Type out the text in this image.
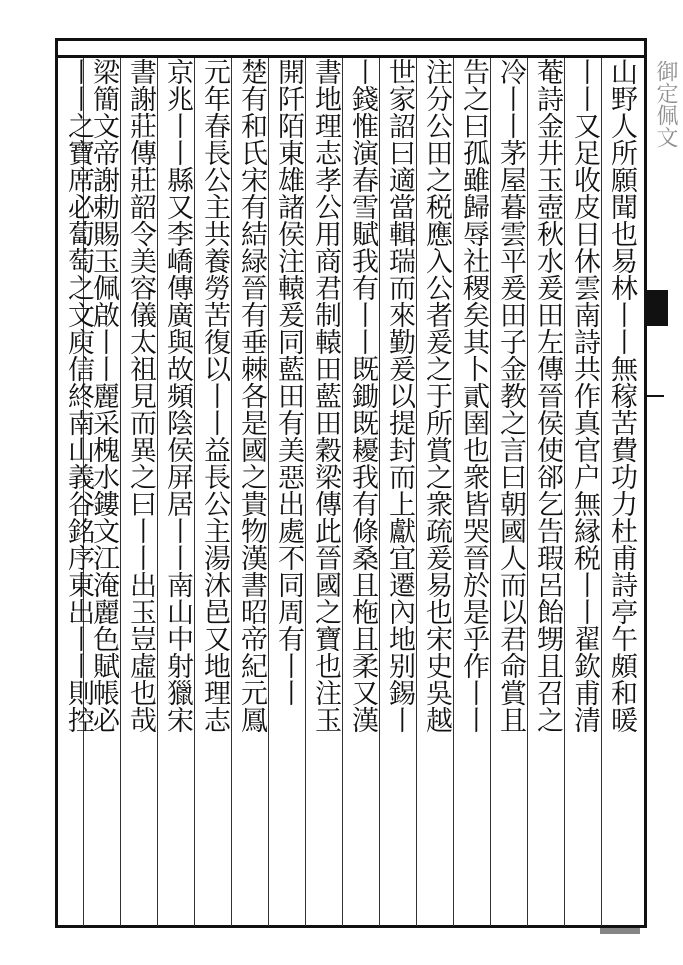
山野人所願聞也易林丨丨無稼苦費功力杜甫詩亭午頗和暖
丨丨又足收皮日休雲南詩共作真官户無縁税丨丨翟欽甫清
菴詩金井玉壺秋水爰田左傳晉侯使郤乞告瑕呂飴甥且召之
冷丨丨茅屋暮雲平爰田子金教之言曰朝國人而以君命賞且
告之曰孤雖歸辱社稷矣其卜貳圉也衆皆哭晉於是乎作丨丨
注分公田之税應入公者爰之于所賞之衆疏爰易也宋史吳越
世家詔曰適當輯瑞而來勤爰以提封而上獻宜遷內地别錫丨
丨錢惟演春雪賦我有丨丨既鋤既耰我有條桑且柂且柔又漢
書地理志孝公用商君制轅田藍田穀梁傳此晉國之寶也注玉
開阡陌東雄諸侯注轅爰同藍田有美惡出處不同周有丨丨
楚有和氏宋有結緑晉有垂棘各是國之貴物漢書昭帝紀元鳳
元年春長公主共養勞苦復以丨丨益長公主湯沐邑又地理志
京兆丨丨縣又李嶠傳廣與故頻陰侯屏居丨丨南山中射獵宋
書謝莊傳莊韶令美容儀太祖見而異之曰丨丨出玉豈虛也哉
梁簡文帝謝勅賜玉佩啟丨丨麗采槐水鏤文江淹麗色賦帳必
丨丨之寶席必蔔萄之文庾信終南山義谷銘序東出丨丨則控	御定佩文
